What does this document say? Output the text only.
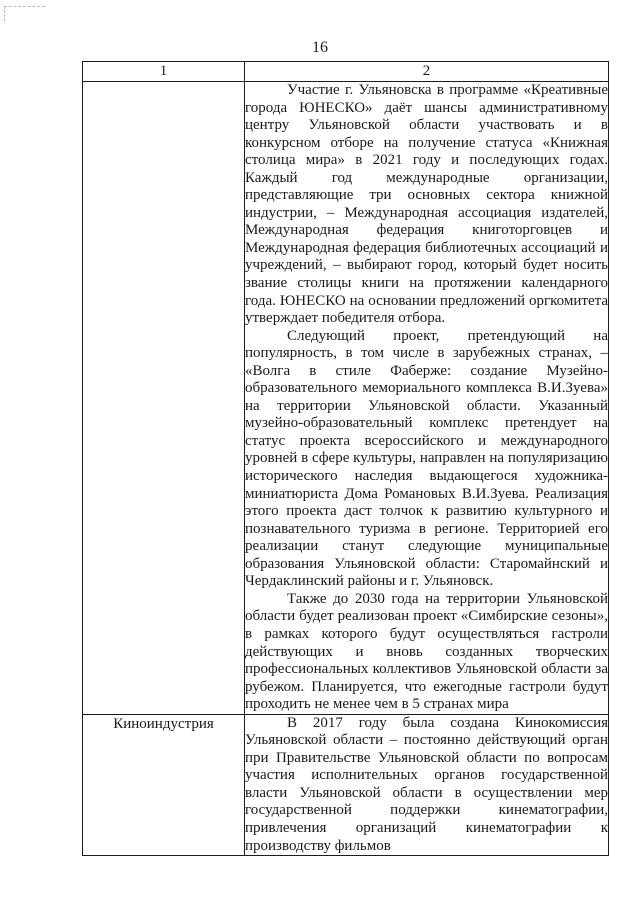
16
1	2

	Участие г. Ульяновска в программе «Креативные города ЮНЕСКО» даёт шансы административному центру Ульяновской области участвовать и в конкурсном отборе на получение статуса «Книжная столица мира» в 2021 году и последующих годах. Каждый год международные организации, представляющие три основных сектора книжной индустрии, – Международная ассоциация издателей, Международная федерация книготорговцев и Международная федерация библиотечных ассоциаций и учреждений, – выбирают город, который будет носить звание столицы книги на протяжении календарного года. ЮНЕСКО на основании предложений оргкомитета утверждает победителя отбора.

Следующий проект, претендующий на популярность, в том числе в зарубежных странах, – «Волга в стиле Фаберже: создание Музейно-образовательного мемориального комплекса В.И.Зуева» на территории Ульяновской области. Указанный музейно-образовательный комплекс претендует на статус проекта всероссийского и международного уровней в сфере культуры, направлен на популяризацию исторического наследия выдающегося художника-миниатюриста Дома Романовых В.И.Зуева. Реализация этого проекта даст толчок к развитию культурного и познавательного туризма в регионе. Территорией его реализации станут следующие муниципальные образования Ульяновской области: Старомайнский и Чердаклинский районы и г. Ульяновск.

Также до 2030 года на территории Ульяновской области будет реализован проект «Симбирские сезоны», в рамках которого будут осуществляться гастроли действующих и вновь созданных творческих профессиональных коллективов Ульяновской области за рубежом. Планируется, что ежегодные гастроли будут проходить не менее чем в 5 странах мира

Киноиндустрия	В 2017 году была создана Кинокомиссия Ульяновской области – постоянно действующий орган при Правительстве Ульяновской области по вопросам участия исполнительных органов государственной власти Ульяновской области в осуществлении мер государственной поддержки кинематографии, привлечения организаций кинематографии к производству фильмов
